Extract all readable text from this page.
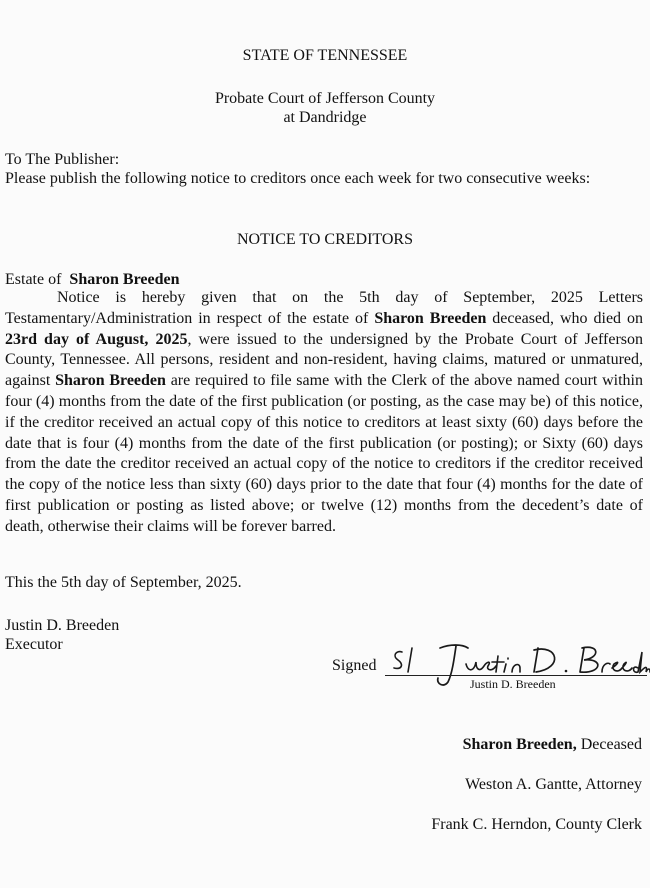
STATE OF TENNESSEE
Probate Court of Jefferson County
at Dandridge
To The Publisher:
Please publish the following notice to creditors once each week for two consecutive weeks:
NOTICE TO CREDITORS
Estate of Sharon Breeden
Notice is hereby given that on the 5th day of September, 2025 Letters Testamentary/Administration in respect of the estate of Sharon Breeden deceased, who died on 23rd day of August, 2025, were issued to the undersigned by the Probate Court of Jefferson County, Tennessee. All persons, resident and non-resident, having claims, matured or unmatured, against Sharon Breeden are required to file same with the Clerk of the above named court within four (4) months from the date of the first publication (or posting, as the case may be) of this notice, if the creditor received an actual copy of this notice to creditors at least sixty (60) days before the date that is four (4) months from the date of the first publication (or posting); or Sixty (60) days from the date the creditor received an actual copy of the notice to creditors if the creditor received the copy of the notice less than sixty (60) days prior to the date that four (4) months for the date of first publication or posting as listed above; or twelve (12) months from the decedent’s date of death, otherwise their claims will be forever barred.
This the 5th day of September, 2025.
Justin D. Breeden
Executor
Signed
Justin D. Breeden
Sharon Breeden, Deceased
Weston A. Gantte, Attorney
Frank C. Herndon, County Clerk
